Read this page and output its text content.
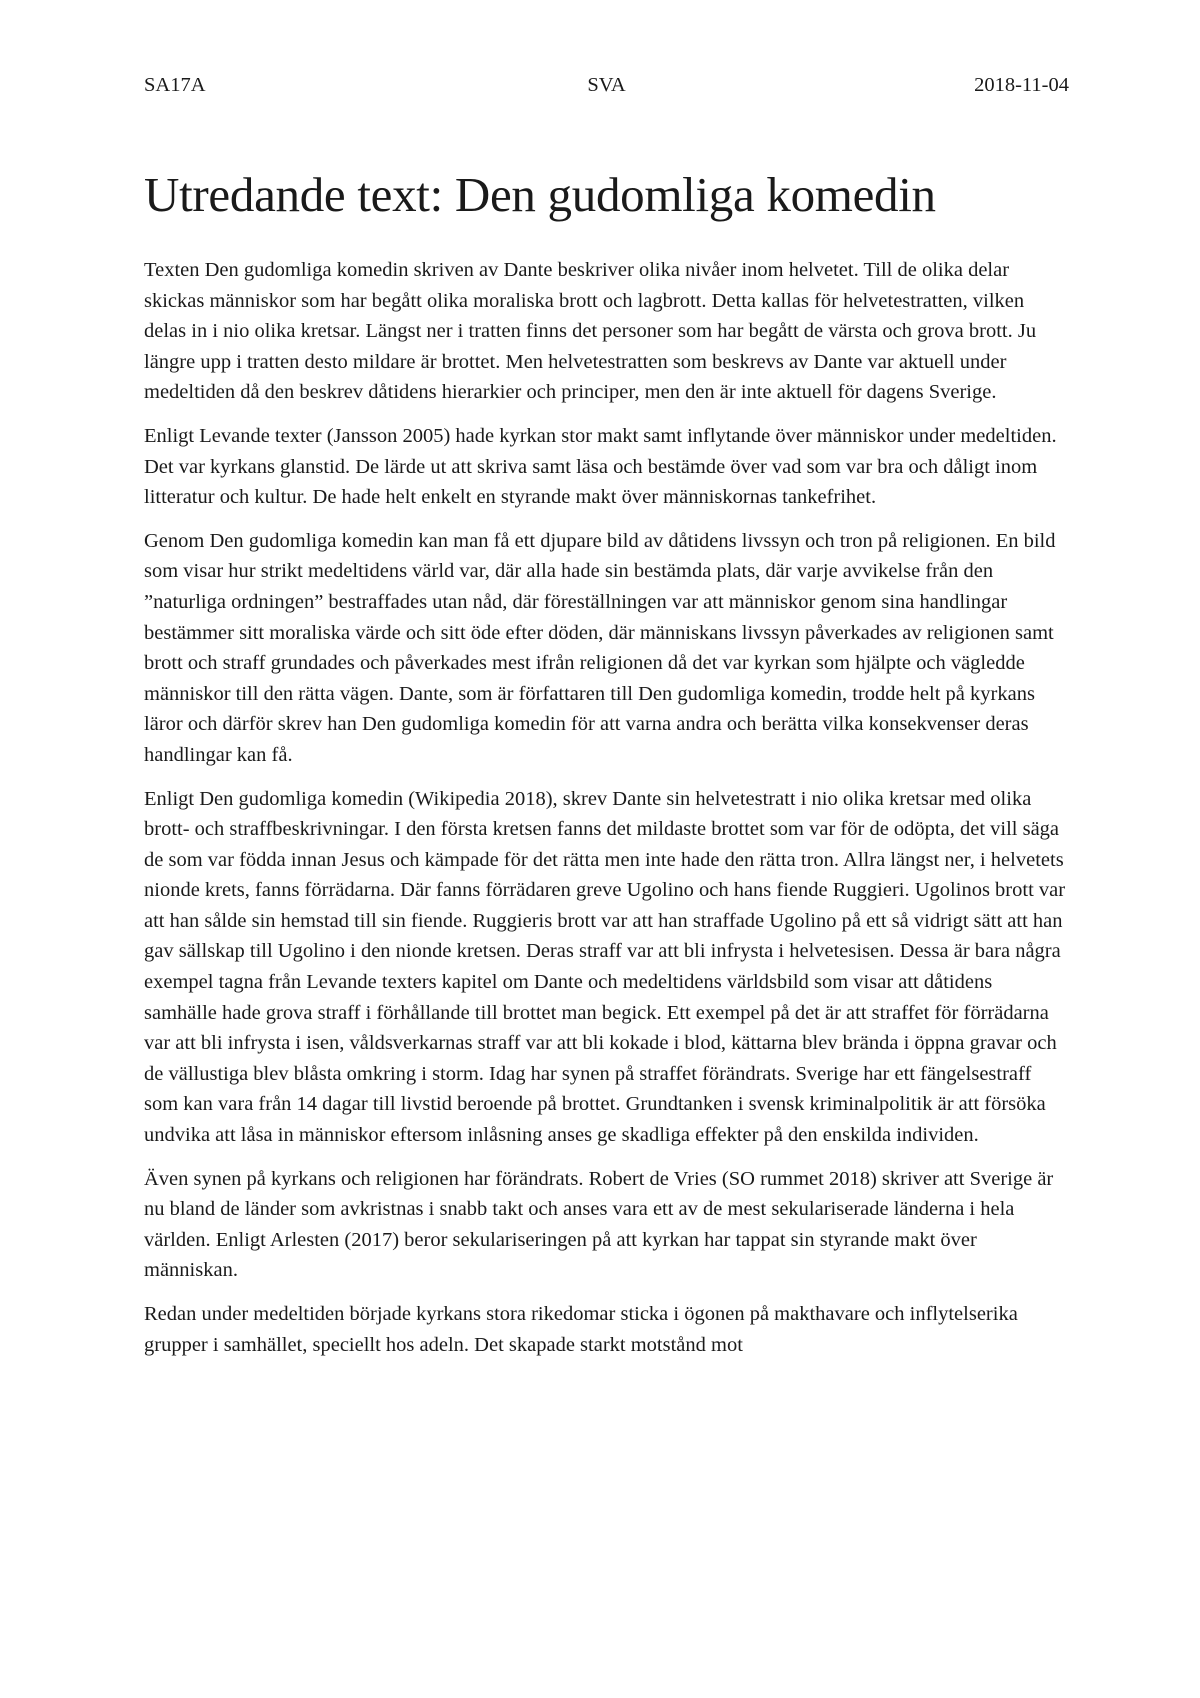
SA17A	SVA	2018-11-04
Utredande text: Den gudomliga komedin

Texten Den gudomliga komedin skriven av Dante beskriver olika nivåer inom helvetet. Till de olika delar skickas människor som har begått olika moraliska brott och lagbrott. Detta kallas för helvetestratten, vilken delas in i nio olika kretsar. Längst ner i tratten finns det personer som har begått de värsta och grova brott. Ju längre upp i tratten desto mildare är brottet. Men helvetestratten som beskrevs av Dante var aktuell under medeltiden då den beskrev dåtidens hierarkier och principer, men den är inte aktuell för dagens Sverige.

Enligt Levande texter (Jansson 2005) hade kyrkan stor makt samt inflytande över människor under medeltiden. Det var kyrkans glanstid. De lärde ut att skriva samt läsa och bestämde över vad som var bra och dåligt inom litteratur och kultur. De hade helt enkelt en styrande makt över människornas tankefrihet.

Genom Den gudomliga komedin kan man få ett djupare bild av dåtidens livssyn och tron på religionen. En bild som visar hur strikt medeltidens värld var, där alla hade sin bestämda plats, där varje avvikelse från den ”naturliga ordningen” bestraffades utan nåd, där föreställningen var att människor genom sina handlingar bestämmer sitt moraliska värde och sitt öde efter döden, där människans livssyn påverkades av religionen samt brott och straff grundades och påverkades mest ifrån religionen då det var kyrkan som hjälpte och vägledde människor till den rätta vägen. Dante, som är författaren till Den gudomliga komedin, trodde helt på kyrkans läror och därför skrev han Den gudomliga komedin för att varna andra och berätta vilka konsekvenser deras handlingar kan få.

Enligt Den gudomliga komedin (Wikipedia 2018), skrev Dante sin helvetestratt i nio olika kretsar med olika brott- och straffbeskrivningar. I den första kretsen fanns det mildaste brottet som var för de odöpta, det vill säga de som var födda innan Jesus och kämpade för det rätta men inte hade den rätta tron. Allra längst ner, i helvetets nionde krets, fanns förrädarna. Där fanns förrädaren greve Ugolino och hans fiende Ruggieri. Ugolinos brott var att han sålde sin hemstad till sin fiende. Ruggieris brott var att han straffade Ugolino på ett så vidrigt sätt att han gav sällskap till Ugolino i den nionde kretsen. Deras straff var att bli infrysta i helvetesisen. Dessa är bara några exempel tagna från Levande texters kapitel om Dante och medeltidens världsbild som visar att dåtidens samhälle hade grova straff i förhållande till brottet man begick. Ett exempel på det är att straffet för förrädarna var att bli infrysta i isen, våldsverkarnas straff var att bli kokade i blod, kättarna blev brända i öppna gravar och de vällustiga blev blåsta omkring i storm. Idag har synen på straffet förändrats. Sverige har ett fängelsestraff som kan vara från 14 dagar till livstid beroende på brottet. Grundtanken i svensk kriminalpolitik är att försöka undvika att låsa in människor eftersom inlåsning anses ge skadliga effekter på den enskilda individen.

Även synen på kyrkans och religionen har förändrats. Robert de Vries (SO rummet 2018) skriver att Sverige är nu bland de länder som avkristnas i snabb takt och anses vara ett av de mest sekulariserade länderna i hela världen. Enligt Arlesten (2017) beror sekulariseringen på att kyrkan har tappat sin styrande makt över människan.

Redan under medeltiden började kyrkans stora rikedomar sticka i ögonen på makthavare och inflytelserika grupper i samhället, speciellt hos adeln. Det skapade starkt motstånd mot
